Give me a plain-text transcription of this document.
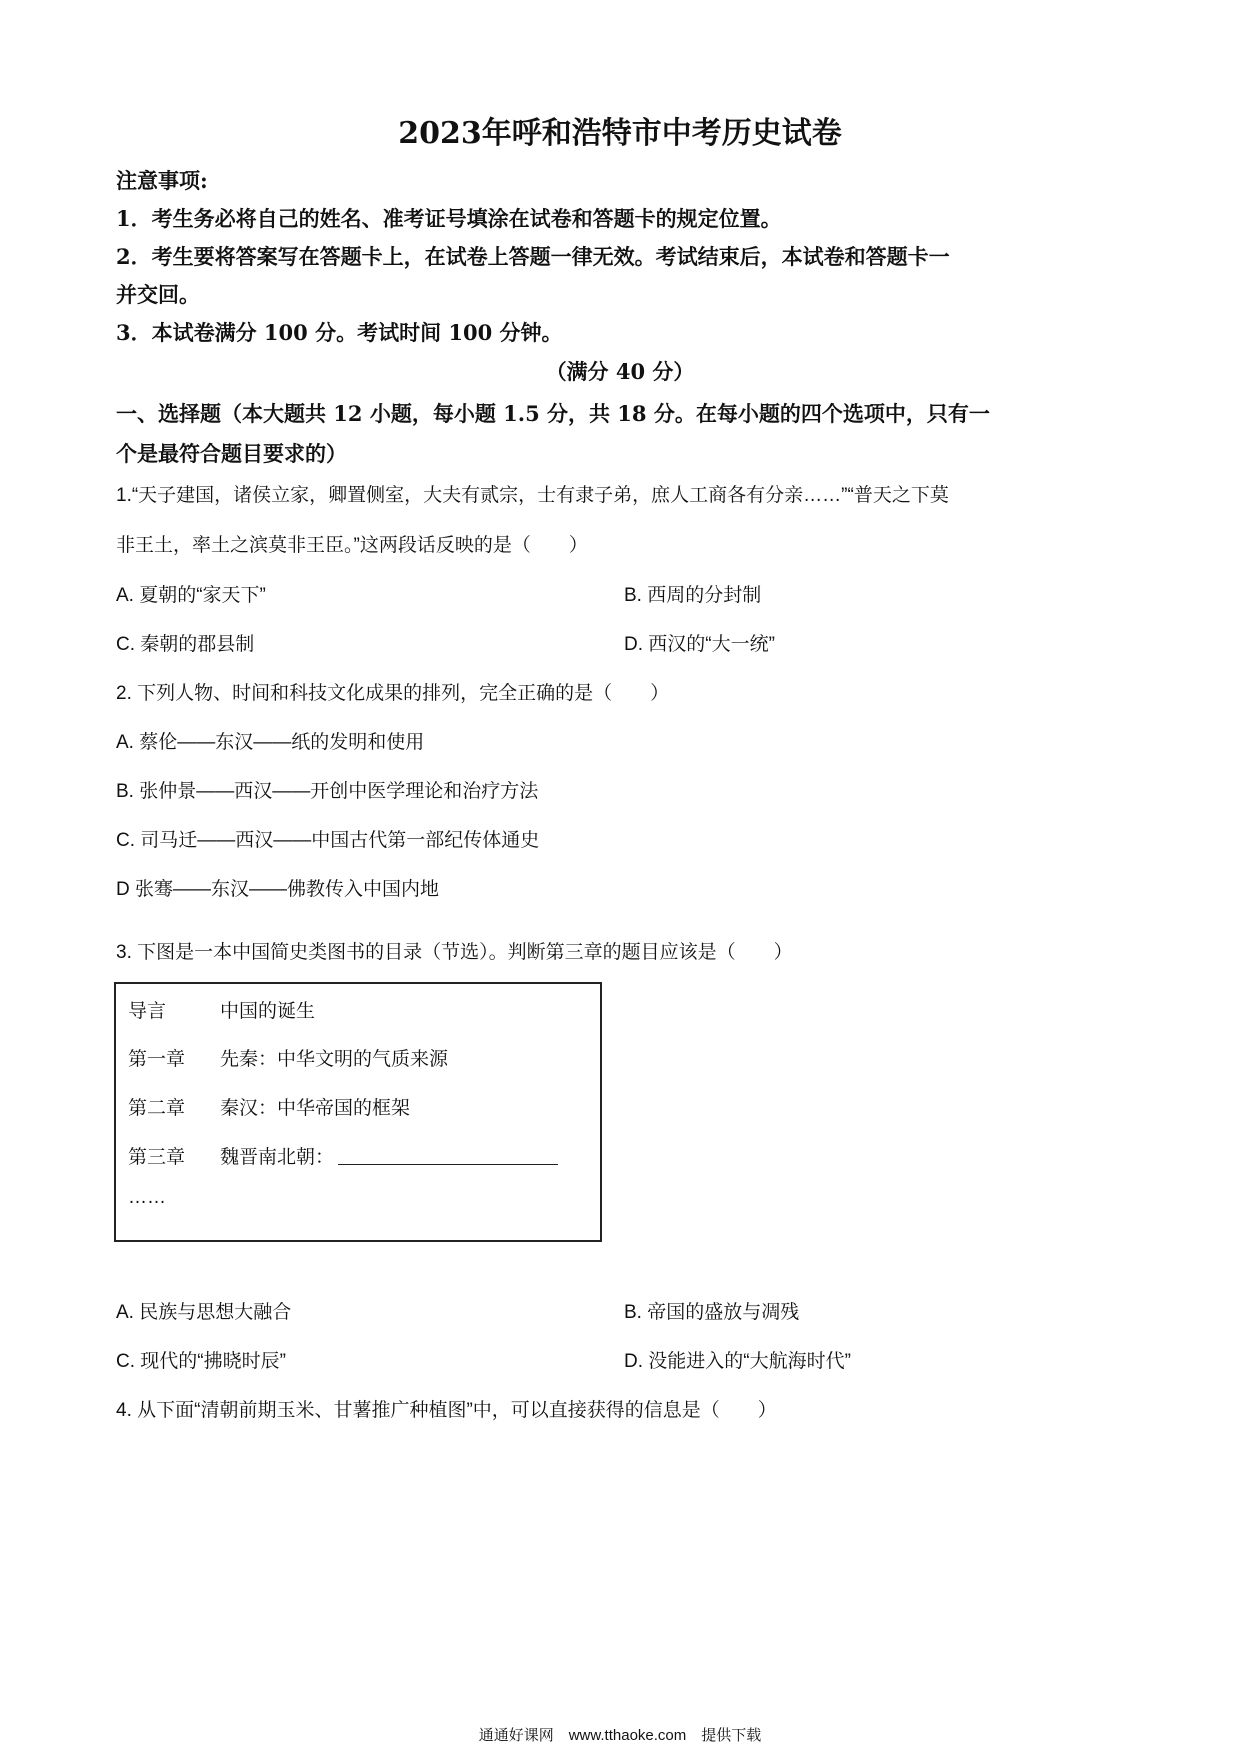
2023年呼和浩特市中考历史试卷
注意事项:
1．考生务必将自己的姓名、准考证号填涂在试卷和答题卡的规定位置。
2．考生要将答案写在答题卡上，在试卷上答题一律无效。考试结束后，本试卷和答题卡一
并交回。
3．本试卷满分 100 分。考试时间 100 分钟。
（满分 40 分）
一、选择题（本大题共 12 小题，每小题 1.5 分，共 18 分。在每小题的四个选项中，只有一
个是最符合题目要求的）
1.“天子建国，诸侯立家，卿置侧室，大夫有贰宗，士有隶子弟，庶人工商各有分亲……”“普天之下莫
非王土，率土之滨莫非王臣。”这两段话反映的是（　　）
A. 夏朝的“家天下”	B. 西周的分封制
C. 秦朝的郡县制	D. 西汉的“大一统”
2. 下列人物、时间和科技文化成果的排列，完全正确的是（　　）
A. 蔡伦——东汉——纸的发明和使用
B. 张仲景——西汉——开创中医学理论和治疗方法
C. 司马迁——西汉——中国古代第一部纪传体通史
D 张骞——东汉——佛教传入中国内地
3. 下图是一本中国简史类图书的目录（节选）。判断第三章的题目应该是（　　）
导言	中国的诞生
第一章 先秦：中华文明的气质来源
第二章 秦汉：中华帝国的框架
第三章 魏晋南北朝：
……
A. 民族与思想大融合	B. 帝国的盛放与凋残
C. 现代的“拂晓时辰”	D. 没能进入的“大航海时代”
4. 从下面“清朝前期玉米、甘薯推广种植图”中，可以直接获得的信息是（　　）
通通好课网　www.tthaoke.com　提供下载
